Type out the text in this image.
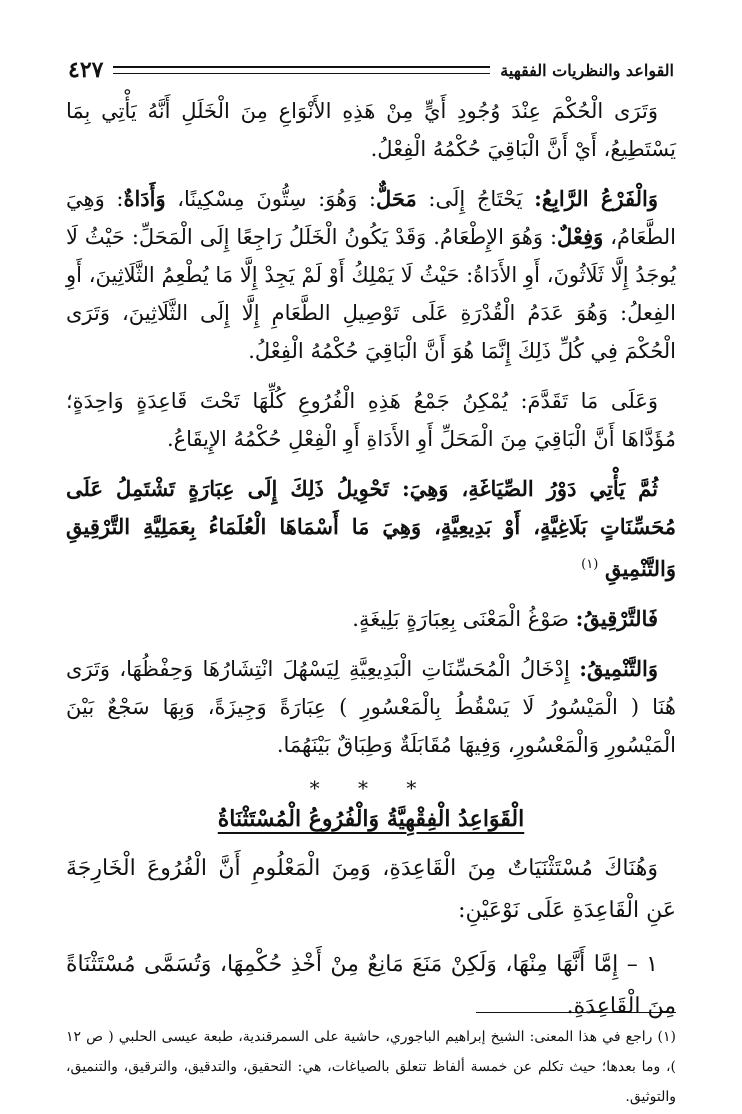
القواعد والنظريات الفقهية
٤٢٧

وَتَرَى الْحُكْمَ عِنْدَ وُجُودِ أَيٍّ مِنْ هَذِهِ الأَنْوَاعِ مِنَ الْخَلَلِ أَنَّهُ يَأْتِي بِمَا يَسْتَطِيعُ، أَيْ أَنَّ الْبَاقِيَ حُكْمُهُ الْفِعْلُ.

وَالْفَرْعُ الرَّابِعُ: يَحْتَاجُ إِلَى: مَحَلٌّ: وَهُوَ: سِتُّونَ مِسْكِينًا، وَأَدَاةٌ: وَهِيَ الطَّعَامُ، وَفِعْلٌ: وَهُوَ الإِطْعَامُ. وَقَدْ يَكُونُ الْخَلَلُ رَاجِعًا إِلَى الْمَحَلِّ: حَيْثُ لَا يُوجَدُ إِلَّا ثَلَاثُونَ، أَوِ الأَدَاةُ: حَيْثُ لَا يَمْلِكُ أَوْ لَمْ يَجِدْ إِلَّا مَا يُطْعِمُ الثَّلَاثِينَ، أَوِ الفِعلُ: وَهُوَ عَدَمُ الْقُدْرَةِ عَلَى تَوْصِيلِ الطَّعَامِ إِلَّا إِلَى الثَّلَاثِينَ، وَتَرَى الْحُكْمَ فِي كُلِّ ذَلِكَ إِنَّمَا هُوَ أَنَّ الْبَاقِيَ حُكْمُهُ الْفِعْلُ.

وَعَلَى مَا تَقَدَّمَ: يُمْكِنُ جَمْعُ هَذِهِ الْفُرُوعِ كُلِّهَا تَحْتَ قَاعِدَةٍ وَاحِدَةٍ؛ مُؤَدَّاهَا أَنَّ الْبَاقِيَ مِنَ الْمَحَلِّ أَوِ الأَدَاةِ أَوِ الْفِعْلِ حُكْمُهُ الإِيقَاعُ.

ثُمَّ يَأْتِي دَوْرُ الصِّيَاغَةِ، وَهِيَ: تَحْوِيلُ ذَلِكَ إِلَى عِبَارَةٍ تَشْتَمِلُ عَلَى مُحَسِّنَاتٍ بَلَاغِيَّةٍ، أَوْ بَدِيعِيَّةٍ، وَهِيَ مَا أَسْمَاهَا الْعُلَمَاءُ بِعَمَلِيَّةِ التَّرْقِيقِ وَالتَّنْمِيقِ $^{(١)}$

فَالتَّرْقِيقُ: صَوْغُ الْمَعْنَى بِعِبَارَةٍ بَلِيغَةٍ.

وَالتَّنْمِيقُ: إِدْخَالُ الْمُحَسِّنَاتِ الْبَدِيعِيَّةِ لِيَسْهُلَ انْتِشَارُهَا وَحِفْظُهَا، وَتَرَى هُنَا ( الْمَيْسُورُ لَا يَسْقُطُ بِالْمَعْسُورِ ) عِبَارَةً وَجِيزَةً، وَبِهَا سَجْعٌ بَيْنَ الْمَيْسُورِ وَالْمَعْسُورِ، وَفِيهَا مُقَابَلَةٌ وَطِبَاقٌ بَيْنَهُمَا.

* * *
الْقَوَاعِدُ الْفِقْهِيَّةُ وَالْفُرُوعُ الْمُسْتَثْنَاةُ

وَهُنَاكَ مُسْتَثْنَيَاتٌ مِنَ الْقَاعِدَةِ، وَمِنَ الْمَعْلُومِ أَنَّ الْفُرُوعَ الْخَارِجَةَ عَنِ الْقَاعِدَةِ عَلَى نَوْعَيْنِ:

١ – إِمَّا أَنَّهَا مِنْهَا، وَلَكِنْ مَنَعَ مَانِعٌ مِنْ أَخْذِ حُكْمِهَا، وَتُسَمَّى مُسْتَثْنَاةً مِنَ الْقَاعِدَةِ.

(١) راجع في هذا المعنى: الشيخ إبراهيم الباجوري، حاشية على السمرقندية، طبعة عيسى الحلبي ( ص ١٢ )، وما بعدها؛ حيث تكلم عن خمسة ألفاظ تتعلق بالصياغات، هي: التحقيق، والتدقيق، والترقيق، والتنميق، والتوثيق.
